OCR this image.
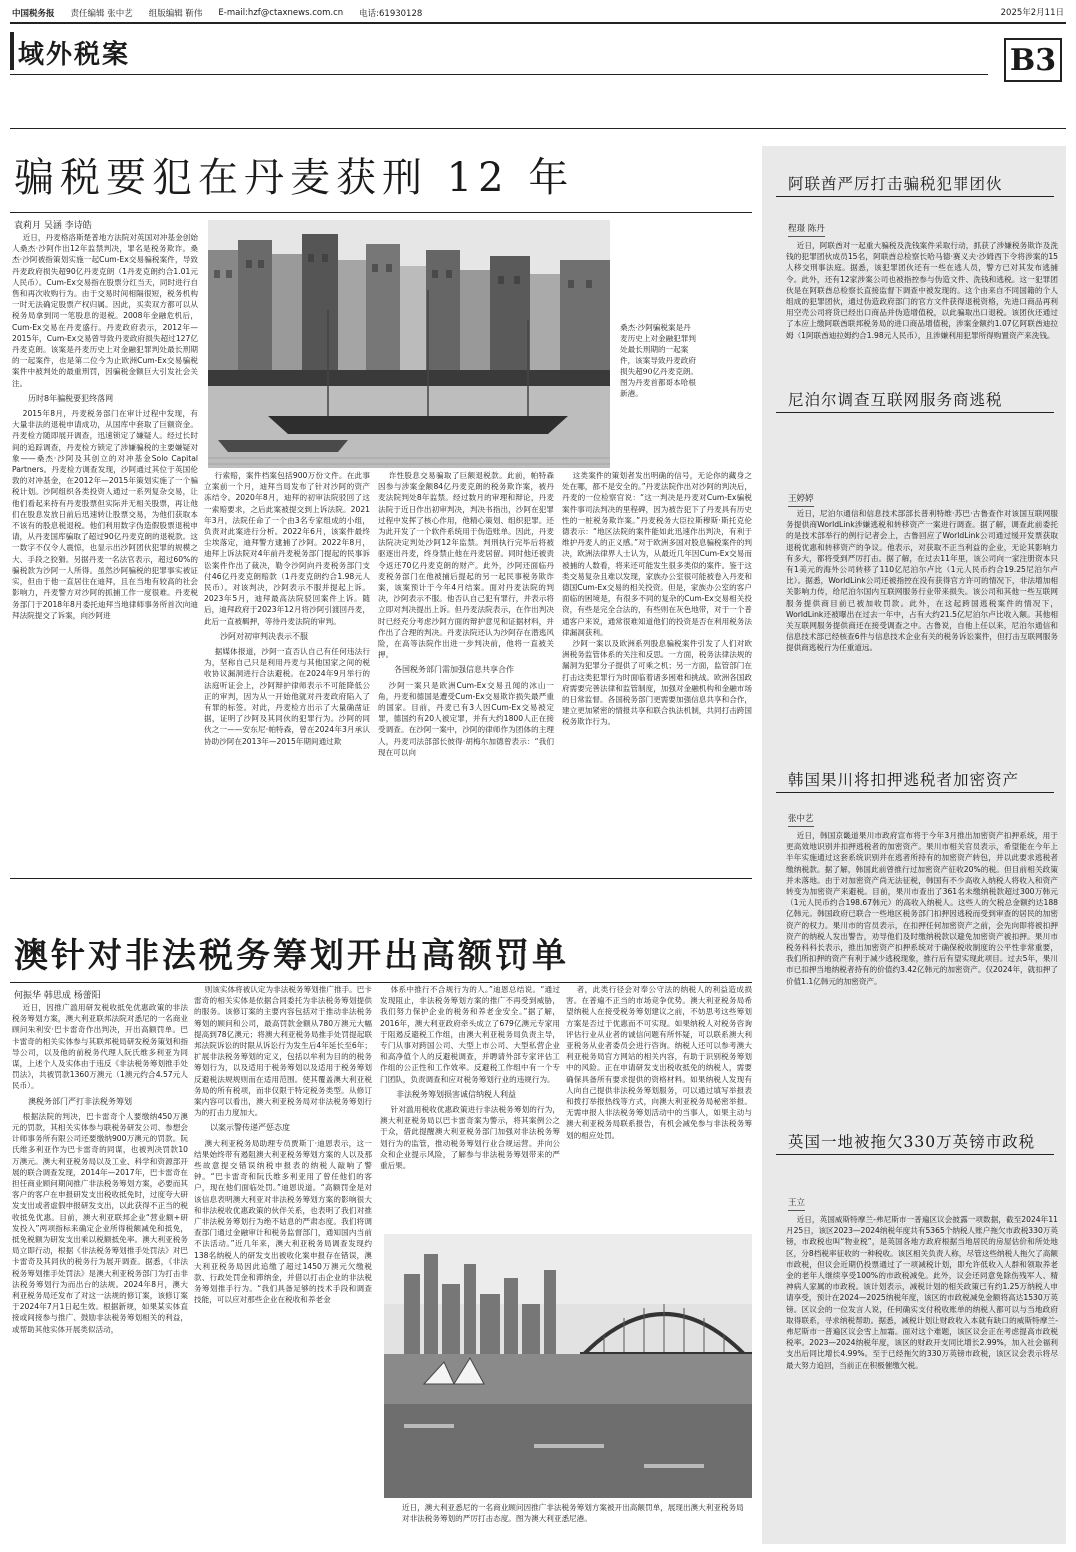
中国税务报 责任编辑 张中艺 组版编辑 靳伟 E-mail:hzf@ctaxnews.com.cn 电话:61930128	2025年2月11日
域外税案	B3
骗税要犯在丹麦获刑 12 年
袁莉月 吴涵 李诗皓
桑杰·沙阿骗税案是丹麦历史上对金融犯罪判处最长刑期的一起案件，该案导致丹麦政府损失超90亿丹麦克朗。图为丹麦首都哥本哈根新港。

近日，丹麦格洛斯楚普地方法院对英国对冲基金创始人桑杰·沙阿作出12年监禁判决，罪名是税务欺诈。桑杰·沙阿被指策划实施一起Cum-Ex交易骗税案件，导致丹麦政府损失超90亿丹麦克朗（1丹麦克朗约合1.01元人民币）。Cum-Ex交易指在股票分红当天，同时进行自售和再次收购行为。由于交易时间相隔很短，税务机构一时无法确定股票产权归属。因此，买卖双方都可以从税务局拿到同一笔股息的退税。2008年金融危机后，Cum-Ex交易在丹麦盛行。丹麦政府表示，2012年—2015年，Cum-Ex交易曾导致丹麦政府损失超过127亿丹麦克朗。该案是丹麦历史上对金融犯罪判处最长刑期的一起案件，也是第二位今为止欧洲Cum-Ex交易骗税案件中被判处的最重刑罚，因骗税金额巨大引发社会关注。

历时8年骗税要犯终落网

2015年8月，丹麦税务部门在审计过程中发现，有大量非法的退税申请成功，从国库中套取了巨额资金。丹麦检方随即展开调查，迅速锁定了嫌疑人。经过长时间的追踪调查，丹麦检方锁定了涉嫌骗税的主要嫌疑对象——桑杰·沙阿及其创立的对冲基金Solo Capital Partners。丹麦检方调查发现，沙阿通过其位于英国伦敦的对冲基金，在2012年—2015年策划实施了一个骗税计划。沙阿组织各类投资人通过一系列复杂交易，让他们看起来持有丹麦股票但实际并无相关股票，再让他们在股息发放日前后迅速转让股票交易，为他们获取本不该有的股息税退税。他们利用数字伪造假股票退税申请，从丹麦国库骗取了超过90亿丹麦克朗的退税款。这一数字不仅令人震惊，也显示出沙阿团伙犯罪的规模之大、手段之狡猾。另据丹麦一名法官表示，超过60%的骗税款为沙阿一人所得。虽然沙阿骗税的犯罪事实被证实，但由于他一直居住在迪拜，且在当地有较高的社会影响力，丹麦警方对沙阿的抓捕工作一度很难。丹麦税务部门于2018年8月委托迪拜当地律师事务所首次向迪拜法院提交了诉案，向沙阿进

行索赔，案件档案包括900万份文件。在此事立案前一个月，迪拜当局发布了针对沙阿的资产冻结令。2020年8月，迪拜的初审法院驳回了这一索赔要求，之后此案被提交到上诉法院。2021年3月，法院任命了一个由3名专家组成的小组，负责对此案进行分析。2022年6月，该案件最终尘埃落定，迪拜警方逮捕了沙阿。2022年8月，迪拜上诉法院对4年前丹麦税务部门提起的民事诉讼案件作出了裁决，勒令沙阿向丹麦税务部门支付46亿丹麦克朗赔款（1丹麦克朗约合1.98元人民币）。对该判决，沙阿表示不服并提起上诉。2023年5月，迪拜最高法院驳回案件上诉。随后，迪拜政府于2023年12月将沙阿引渡回丹麦，此后一直被羁押，等待丹麦法院的审判。

沙阿对初审判决表示不服

据媒体报道，沙阿一直否认自己有任何违法行为，坚称自己只是利用丹麦与其他国家之间的税收协议漏洞进行合法避税。在2024年9月举行的法庭听证会上，沙阿辩护律师表示不可能降低公正的审判，因为从一开始他就对丹麦政府陷入了有罪的标签。对此，丹麦检方出示了大量确凿证据，证明了沙阿及其同伙的犯罪行为。沙阿的同伙之一——安东尼·帕特森，曾在2024年3月承认协助沙阿在2013年—2015年期间通过欺

诈性股息交易骗取了巨额退税款。此前，帕特森因参与涉案金额84亿丹麦克朗的税务欺诈案，被丹麦法院判处8年监禁。经过数月的审理和辩论，丹麦法院于近日作出初审判决，判决书指出，沙阿在犯罪过程中发挥了核心作用，他精心策划、组织犯罪。还为此开发了一个软件系统用于伪造账单。因此，丹麦法院决定判处沙阿12年监禁。判刑执行完毕后将被驱逐出丹麦，终身禁止他在丹麦居留。同时他还被责令返还70亿丹麦克朗的财产。此外，沙阿还面临丹麦税务部门在他被捕后提起的另一起民事税务欺诈案，该案预计于今年4月结案。面对丹麦法院的判决，沙阿表示不服。他否认自己犯有罪行，并表示将立即对判决提出上诉。但丹麦法院表示，在作出判决时已经充分考虑沙阿方面的辩护意见和证据材料，并作出了合理的判决。丹麦法院还认为沙阿存在潜逃风险，在高等法院作出进一步判决前，他将一直被关押。

各国税务部门需加强信息共享合作

沙阿一案只是欧洲Cum-Ex交易丑闻的冰山一角，丹麦和德国是遭受Cum-Ex交易欺诈损失最严重的国家。目前，丹麦已有3人因Cum-Ex交易被定罪，德国约有20人被定罪，并有大约1800人正在接受调查。在沙阿一案中，沙阿的律师作为团体的主理人，丹麦司法部部长彼得·胡梅尔加德曾表示：“我们现在可以向

这类案件的策划者发出明确的信号，无论你的藏身之处在哪，都不是安全的。”丹麦法院作出对沙阿的判决后，丹麦的一位检察官说：“这一判决是丹麦对Cum-Ex骗税案件事司法判决的里程碑，因为被告犯下了丹麦具有历史性的一桩税务欺诈案。”丹麦税务大臣拉斯穆斯·斯托克伦德表示：“地区法院的案件能如此迅速作出判决，有利于维护丹麦人的正义感。”对于欧洲多国对股息骗税案件的判决，欧洲法律界人士认为，从最近几年因Cum-Ex交易而被捕的人数看，将来还可能发生很多类似的案件。鉴于这类交易复杂且难以发现，家族办公室很可能被卷入丹麦和德国Cum-Ex交易的相关投资。但是，家族办公室的客户面临的困境是，有很多不同的复杂的Cum-Ex交易相关投资，有些是完全合法的，有些则在灰色地带，对于一个普通客户来说，通常很难知道他们的投资是否在利用税务法律漏洞获利。

沙阿一案以及欧洲系列股息骗税案件引发了人们对欧洲税务监管体系的关注和反思。一方面，税务法律法规的漏洞为犯罪分子提供了可乘之机；另一方面，监管部门在打击这类犯罪行为时面临着诸多困难和挑战。欧洲各国政府需要完善法律和监管制度，加强对金融机构和金融市场的日常监督。各国税务部门更需要加强信息共享和合作，建立更加紧密的情报共享和联合执法机制，共同打击跨国税务欺诈行为。

澳针对非法税务筹划开出高额罚单
何振华 韩思成 杨蕾阳

近日，因推广滥用研发税收抵免优惠政策的非法税务筹划方案，澳大利亚联邦法院对悉尼的一名商业顾问朱利安·巴卡雷奇作出判决，开出高额罚单。巴卡雷奇的相关实体参与其联邦税局研发税务策划和指导公司，以及他的前税务代理人阮氏维多利亚为同谋，上述个人及实体由于违反《非法税务筹划推手处罚法》，共被罚款1360万澳元（1澳元约合4.57元人民币）。

澳税务部门严打非法税务筹划

根据法院的判决，巴卡雷奇个人要缴纳450万澳元的罚款，其相关实体参与联税务研发公司、参想会计师事务所有限公司还要缴纳900万澳元的罚款。阮氏维多利亚作为巴卡雷奇的同谋，也被判决罚款10万澳元。澳大利亚税务局以及工业、科学和资源部开展的联合调查发现，2014年—2017年，巴卡雷奇在担任商业顾问期间推广非法税务筹划方案，必要而其客户的客户在申报研发支出税收抵免时，过度夸大研发支出或者虚假申报研发支出，以此获得不正当的税收抵免优惠。目前，澳大利亚联邦企业“营业额+研发投入”两项指标来确定企业所得税额减免和抵免，抵免税额为研发支出乘以税额抵免率。澳大利亚税务局立即行动，根据《非法税务筹划推手处罚法》对巴卡雷奇及其同伙的税务行为展开调查。据悉，《非法税务筹划推手处罚法》是澳大利亚税务部门为打击非法税务筹划行为而出台的法规。2024年8月，澳大利亚税务局还发布了对这一法规的修订案，该修订案于2024年7月1日起生效。根据新规，如果某实体直接或间接参与推广、鼓励非法税务筹划相关的利益，或帮助其他实体开展类似活动，

则该实体将被认定为非法税务筹划推广推手。巴卡雷奇的相关实体是依据合同委托为非法税务筹划提供的服务。该修订案的主要内容包括对于推动非法税务筹划的顾问和公司，最高罚款金额从780万澳元大幅提高到78亿澳元；将澳大利亚税务局推手处罚提起联邦法院诉讼的时限从诉讼行为发生后4年延长至6年；扩展非法税务筹划的定义，包括以牟利为目的的税务筹划行为，以及适用于税务筹划以及适用于税务筹划反避税法规规则而在适用范围。使其覆盖澳大利亚税务局的所有税项，而非仅限于特定税务类型。从修订案内容可以看出，澳大利亚税务局对非法税务筹划行为的打击力度加大。

以案示警传递严惩态度

澳大利亚税务局助理专员贾斯丁·迪恩表示，这一结果始终带有遏阻澳大利亚税务筹划方案的人以及那些故意提交错误纳税申报表的纳税人敲响了警钟。“巴卡雷奇和阮氏维多利亚用了曾任他们的客户，现在他们面临处罚。”迪恩说道。“高额罚金是对该信息表明澳大利亚对非法税务筹划方案的影响很大和非法税收优惠政策的伙伴关系，也表明了我们对推广非法税务筹划行为绝不姑息的严肃态度。我们将调查部门通过金融审计和税务监督部门，通知国内当前不法活动。”近几年来，澳大利亚税务局调查发现约138名纳税人的研发支出被收化案申报存在错误，澳大利亚税务局因此追缴了超过1450万澳元欠缴税款、行政处罚金和滞纳金，并借以打击企业的非法税务筹划推手行为。“我们具备足够的技术手段和调查技能，可以应对那些企业在税收和养老金

体系中推行不合规行为的人。”迪恩总结说。“通过发现阻止，非法税务筹划方案的推广不再受到威胁，我们努力保护企业的税务和养老金安全。”据了解，2016年，澳大利亚政府牵头成立了679亿澳元专家用于阻遏反避税工作组，由澳大利亚税务局负责主导，专门从事对跨国公司、大型上市公司、大型私营企业和高净值个人的反避税调查，并聘请外部专家评估工作组的公正性和工作效率。反避税工作组中有一个专门团队，负责调查和应对税务筹划行业的违规行为。

非法税务筹划损害诚信纳税人利益

针对滥用税收优惠政策进行非法税务筹划的行为，澳大利亚税务局以巴卡雷奇案为警示，将其案例公之于众，借此提醒澳大利亚税务部门加强对非法税务筹划行为的监管，推动税务筹划行业合规运营。并向公众和企业提示风险，了解参与非法税务筹划带来的严重后果。

者，此类行径会对奉公守法的纳税人的利益造成损害。在普遍不正当的市场竞争优势。澳大利亚税务局希望纳税人在接受税务筹划建议之前，不妨思考这些筹划方案是否过于优惠而不可实现。如果纳税人对税务咨询评估行业从业者的诚信问题有所怀疑，可以联系澳大利亚税务从业者委员会进行咨询。纳税人还可以参考澳大利亚税务局官方网站的相关内容，有助于识别税务筹划中的风险。正在申请研发支出税收抵免的纳税人，需要确保具备所有要求提供的资格材料。如果纳税人发现有人向自己提供非法税务筹划服务，可以通过填写举报表和拨打举报热线等方式，向澳大利亚税务局秘密举报。无需申报人非法税务筹划活动中的当事人，如果主动与澳大利亚税务局联系报告，有机会减免参与非法税务筹划的相应处罚。

近日，澳大利亚悉尼的一名商业顾问因推广非法税务筹划方案被开出高额罚单，展现出澳大利亚税务局对非法税务筹划的严厉打击态度。图为澳大利亚悉尼港。
阿联酋严厉打击骗税犯罪团伙
程璟 陈丹

近日，阿联酋对一起重大骗税及洗钱案件采取行动，抓获了涉嫌税务欺诈及洗钱的犯罪团伙成员15名，阿联酋总检察长哈马德·赛义夫·沙姆西下令将涉案的15人移交刑事法庭。据悉，该犯罪团伙还有一些在逃人员，警方已对其发布逃捕令。此外，还有12家涉案公司也被指控参与伪造文件、洗钱和逃税。这一犯罪团伙是在阿联酋总检察长直接监督下调查中被发现的。这个由来自不同国籍的个人组成的犯罪团伙，通过伪造政府部门的官方文件获得退税资格，先进口商品再利用空壳公司将货已经出口商品并伪造增值税，以此骗取出口退税。该团伙还通过了本应上缴阿联酋联邦税务局的进口商品增值税，涉案金额约1.07亿阿联酋迪拉姆（1阿联酋迪拉姆约合1.98元人民币），且涉嫌利用犯罪所得购置资产来洗钱。

尼泊尔调查互联网服务商逃税
王婷婷

近日，尼泊尔通信和信息技术部部长普利特维·苏巴·古鲁查作对该国互联网服务提供商WorldLink涉嫌逃税和转移资产一案进行调查。据了解，调查此前委托的是技术部举行的例行记者会上，古鲁回应了WorldLink公司通过缓开发票获取退税优惠和转移资产的争议。他表示，对获取不正当利益的企业，无论其影响力有多大，都将受到严厉打击。据了解，在过去11年里，该公司向一家注册资本只有1美元的海外公司转移了110亿尼泊尔卢比（1元人民币约合19.25尼泊尔卢比）。据悉，WorldLink公司还被指控在没有获得官方许可的情况下，非法增加相关影响力传，给尼泊尔国内互联网服务行业带来损失。该公司和其他一些互联网服务提供商目前已被加收罚款。此外，在这起跨国逃税案件的情况下，WorldLink还被曝出在过去一年中，占有大约21.5亿尼泊尔卢比收入额。其他相关互联网服务提供商还在接受调查之中。古鲁说，自他上任以来，尼泊尔通信和信息技术部已经核查6件与信息技术企业有关的税务诉讼案件，但打击互联网服务提供商逃税行为任重道远。

韩国果川将扣押逃税者加密资产
张中艺

近日，韩国京畿道果川市政府宣布将于今年3月推出加密资产扣押系统，用于更高效地识别并扣押逃税者的加密资产。果川市相关官员表示，希望能在今年上半年实施通过这套系统识别并在逃者所持有的加密资产转包，并以此要求逃税者缴纳税款。据了解，韩国此前曾推行过加密资产征收20%的税。但目前相关政策并未落地。由于对加密资产尚无法征税，韩国有不少高收入纳税人将收入和资产转变为加密资产来避税。目前，果川市查出了361名未缴纳税款超过300万韩元（1元人民币约合198.67韩元）的高收入纳税人。这些人的欠税总金额约达188亿韩元。韩国政府已联合一些地区税务部门扣押因逃税而受到审查的居民的加密资产的权力。果川市的官员表示，在扣押任何加密资产之前，会先向即将被扣押资产的纳税人发出警告，劝导他们及时缴纳税款以避免加密资产被扣押。果川市税务科科长表示，推出加密资产扣押系统对于确保税收制度的公平性非常重要，我们所扣押的资产有利于减少逃税现象，推行后有望实现此项目。过去5年，果川市已扣押当地纳税者持有的价值约3.42亿韩元的加密资产。仅2024年，就扣押了价值1.1亿韩元的加密资产。

英国一地被拖欠330万英镑市政税
王立

近日，英国威斯特摩兰-弗尼斯市一普遍区议会披露一项数据，截至2024年11月25日，该区2023—2024纳税年度共有5365个纳税人账户拖欠市政税330万英镑，市政税也叫“物业税”，是英国各地方政府根据当地居民的房屋估价和所处地区，分8档税率征收的一种税收。该区相关负责人称，尽管这些纳税人拖欠了高额市政税，但议会近期仍投票通过了一项减税计划，即允许低收入人群和领取养老金的老年人继续享受100%的市政税减免。此外，议会还同意免除伤残军人、精神病人家属的市政税。该计划表示，减税计划的相关政策已有约1.25万纳税人申请享受，预计在2024—2025纳税年度，该区的市政税减免金额将高达1530万英镑。区议会的一位发言人说，任何确实支付税收账单的纳税人都可以与当地政府取得联系，寻求纳税帮助。据悉，减税计划让财政收入本就有缺口的威斯特摩兰-弗尼斯市一普遍区议会雪上加霜。面对这个难题，该区议会正在考虑提高市政税税率。2023—2024纳税年度，该区的财政开支同比增长2.99%，加入社会福利支出后同比增长4.99%。至于已经拖欠的330万英镑市政税，该区议会表示将尽最大努力追回，当前正在积极催缴欠税。
